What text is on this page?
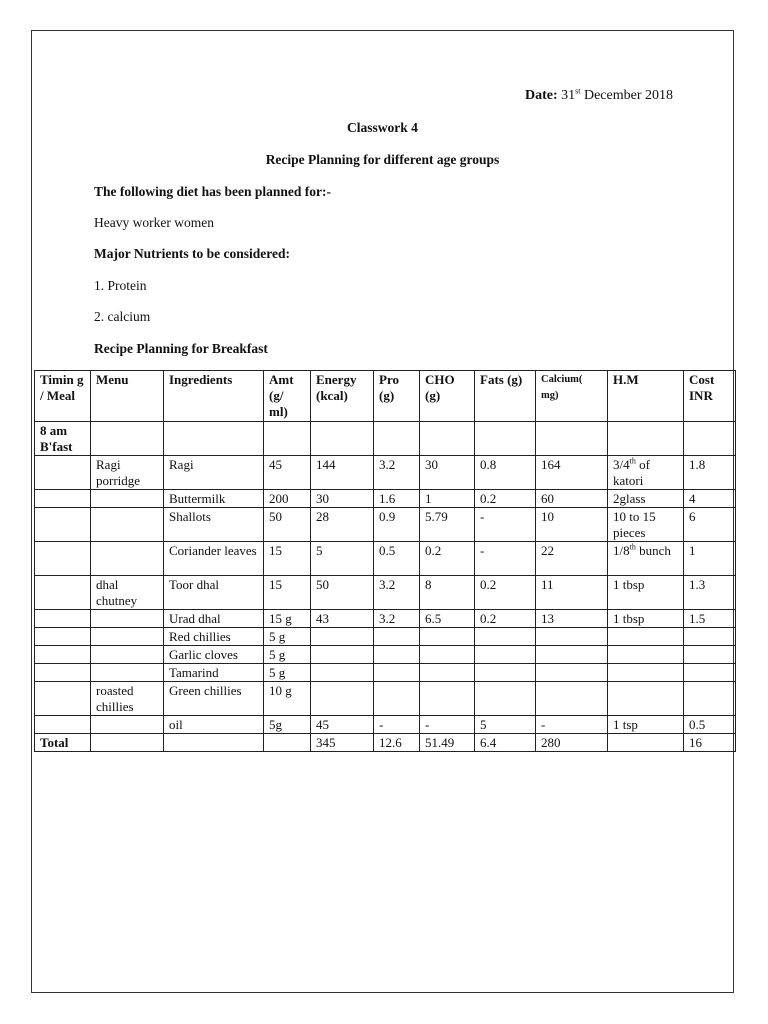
Date: 31st December 2018
Classwork 4
Recipe Planning for different age groups
The following diet has been planned for:-
Heavy worker women
Major Nutrients to be considered:
1. Protein
2. calcium
Recipe Planning for Breakfast
Timin g / Meal	Menu	Ingredients	Amt (g/ ml)	Energy (kcal)	Pro (g)	CHO (g)	Fats (g)	Calcium( mg)	H.M	Cost INR
8 am B'fast										
	Ragi porridge	Ragi	45	144	3.2	30	0.8	164	3/4th of katori	1.8
		Buttermilk	200	30	1.6	1	0.2	60	2glass	4
		Shallots	50	28	0.9	5.79	-	10	10 to 15 pieces	6
		Coriander leaves	15	5	0.5	0.2	-	22	1/8th bunch	1
	dhal chutney	Toor dhal	15	50	3.2	8	0.2	11	1 tbsp	1.3
		Urad dhal	15 g	43	3.2	6.5	0.2	13	1 tbsp	1.5
		Red chillies	5 g							
		Garlic cloves	5 g							
		Tamarind	5 g							
	roasted chillies	Green chillies	10 g							
		oil	5g	45	-	-	5	-	1 tsp	0.5
Total				345	12.6	51.49	6.4	280		16
